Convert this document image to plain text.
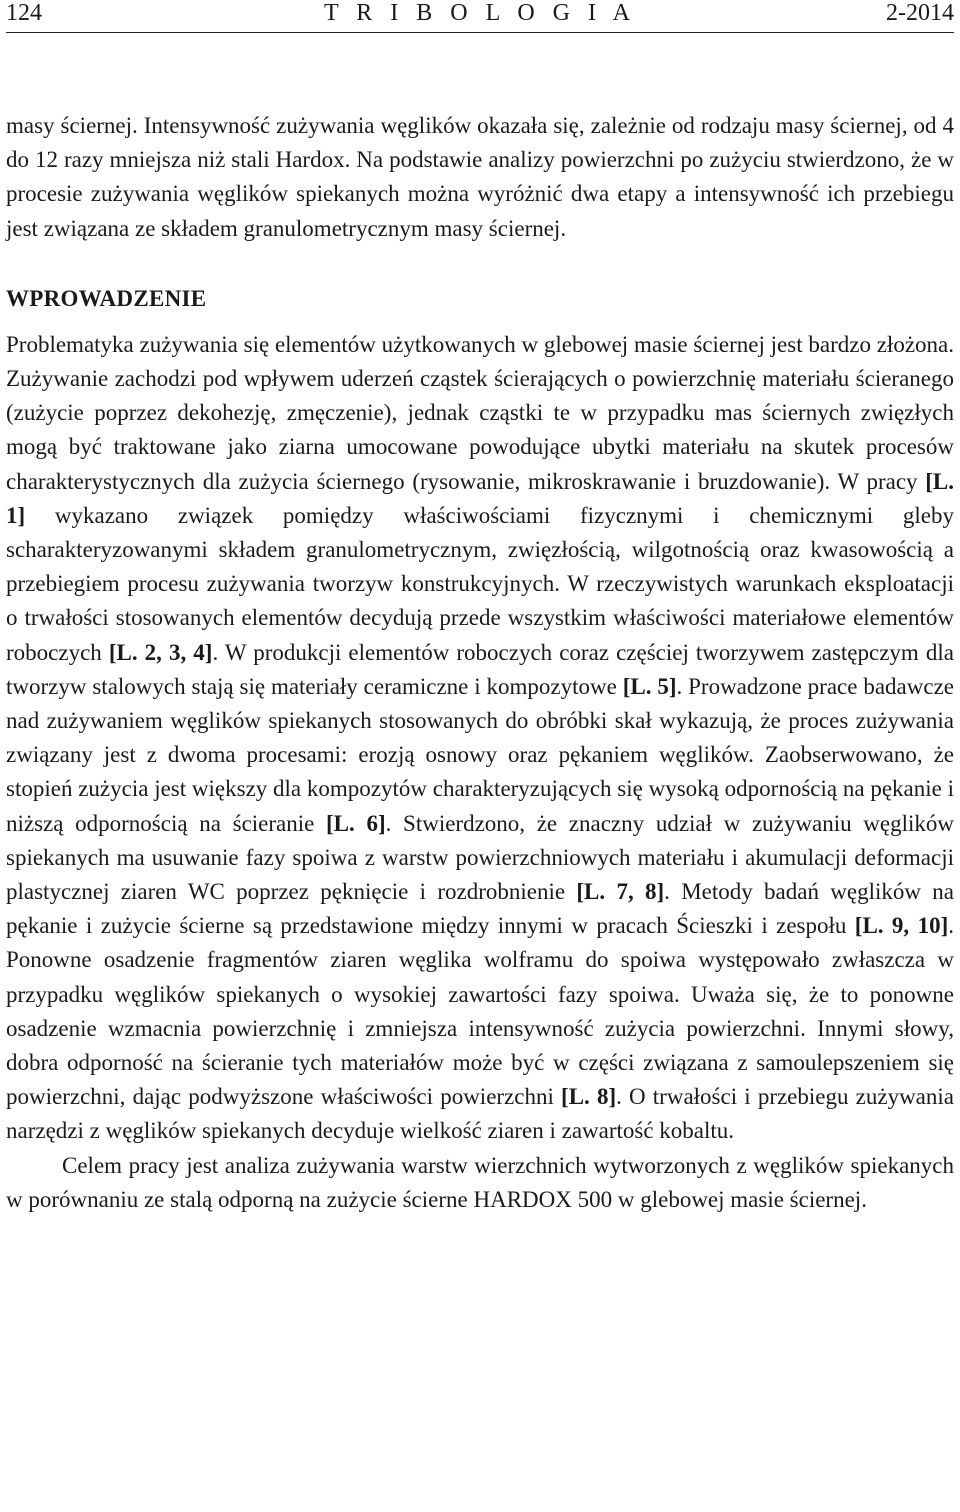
124	T R I B O L O G I A	2-2014

masy ściernej. Intensywność zużywania węglików okazała się, zależnie od rodzaju masy ściernej, od 4 do 12 razy mniejsza niż stali Hardox. Na podstawie analizy powierzchni po zużyciu stwierdzono, że w procesie zużywania węglików spiekanych można wyróżnić dwa etapy a intensywność ich przebiegu jest związana ze składem granulometrycznym masy ściernej.

WPROWADZENIE

Problematyka zużywania się elementów użytkowanych w glebowej masie ściernej jest bardzo złożona. Zużywanie zachodzi pod wpływem uderzeń cząstek ścierających o powierzchnię materiału ścieranego (zużycie poprzez dekohezję, zmęczenie), jednak cząstki te w przypadku mas ściernych zwięzłych mogą być traktowane jako ziarna umocowane powodujące ubytki materiału na skutek procesów charakterystycznych dla zużycia ściernego (rysowanie, mikroskrawanie i bruzdowanie). W pracy [L. 1] wykazano związek pomiędzy właściwościami fizycznymi i chemicznymi gleby scharakteryzowanymi składem granulometrycznym, zwięzłością, wilgotnością oraz kwasowością a przebiegiem procesu zużywania tworzyw konstrukcyjnych. W rzeczywistych warunkach eksploatacji o trwałości stosowanych elementów decydują przede wszystkim właściwości materiałowe elementów roboczych [L. 2, 3, 4]. W produkcji elementów roboczych coraz częściej tworzywem zastępczym dla tworzyw stalowych stają się materiały ceramiczne i kompozytowe [L. 5]. Prowadzone prace badawcze nad zużywaniem węglików spiekanych stosowanych do obróbki skał wykazują, że proces zużywania związany jest z dwoma procesami: erozją osnowy oraz pękaniem węglików. Zaobserwowano, że stopień zużycia jest większy dla kompozytów charakteryzujących się wysoką odpornością na pękanie i niższą odpornością na ścieranie [L. 6]. Stwierdzono, że znaczny udział w zużywaniu węglików spiekanych ma usuwanie fazy spoiwa z warstw powierzchniowych materiału i akumulacji deformacji plastycznej ziaren WC poprzez pęknięcie i rozdrobnienie [L. 7, 8]. Metody badań węglików na pękanie i zużycie ścierne są przedstawione między innymi w pracach Ścieszki i zespołu [L. 9, 10]. Ponowne osadzenie fragmentów ziaren węglika wolframu do spoiwa występowało zwłaszcza w przypadku węglików spiekanych o wysokiej zawartości fazy spoiwa. Uważa się, że to ponowne osadzenie wzmacnia powierzchnię i zmniejsza intensywność zużycia powierzchni. Innymi słowy, dobra odporność na ścieranie tych materiałów może być w części związana z samoulepszeniem się powierzchni, dając podwyższone właściwości powierzchni [L. 8]. O trwałości i przebiegu zużywania narzędzi z węglików spiekanych decyduje wielkość ziaren i zawartość kobaltu.

Celem pracy jest analiza zużywania warstw wierzchnich wytworzonych z węglików spiekanych w porównaniu ze stalą odporną na zużycie ścierne HARDOX 500 w glebowej masie ściernej.
